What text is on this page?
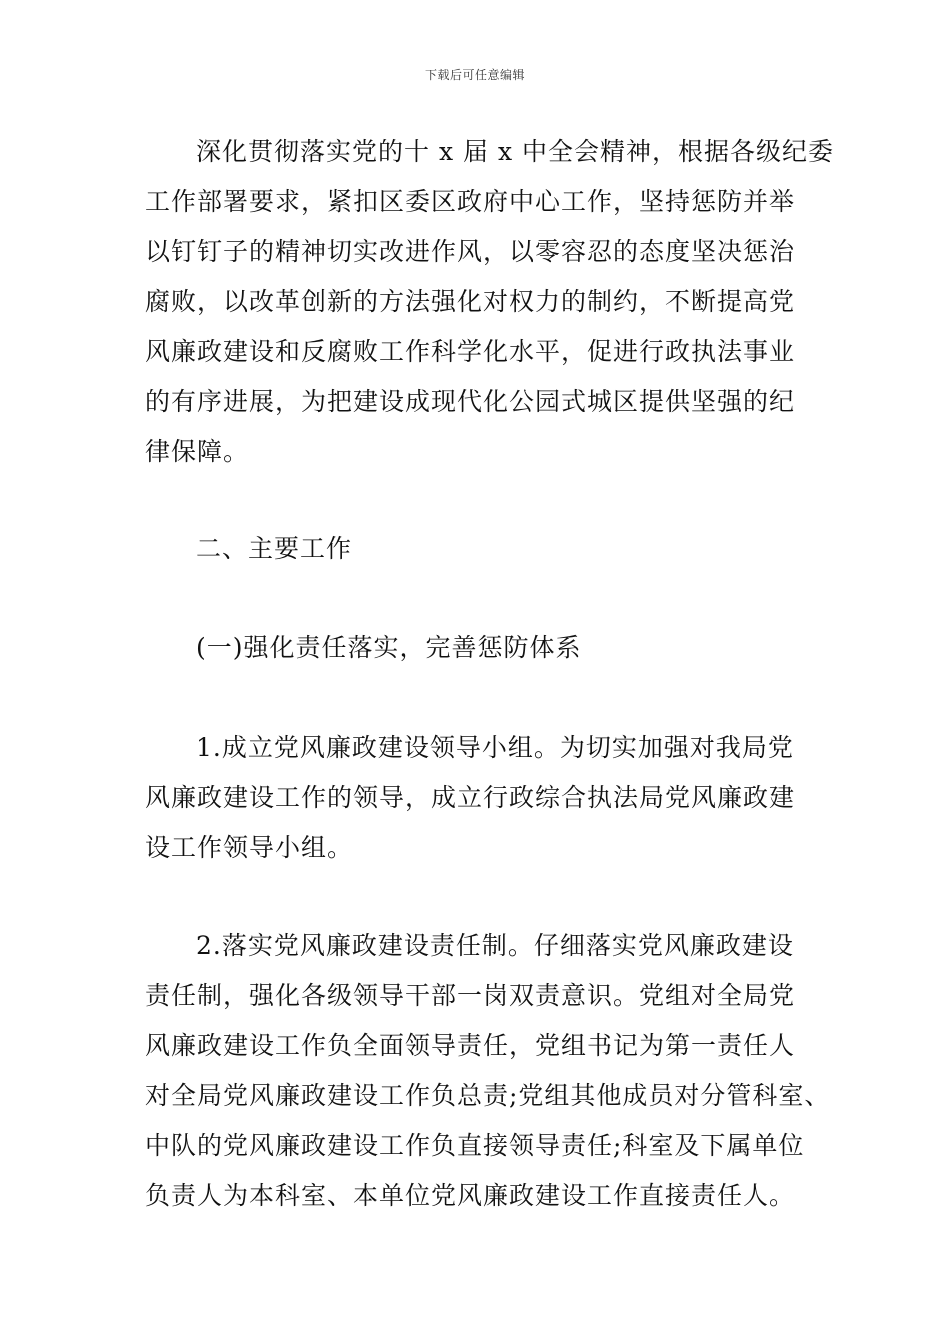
下载后可任意编辑
深化贯彻落实党的十 x 届 x 中全会精神，根据各级纪委
工作部署要求，紧扣区委区政府中心工作，坚持惩防并举
以钉钉子的精神切实改进作风，以零容忍的态度坚决惩治
腐败，以改革创新的方法强化对权力的制约，不断提高党
风廉政建设和反腐败工作科学化水平，促进行政执法事业
的有序进展，为把建设成现代化公园式城区提供坚强的纪
律保障。
二、主要工作
(一)强化责任落实，完善惩防体系
1.成立党风廉政建设领导小组。为切实加强对我局党
风廉政建设工作的领导，成立行政综合执法局党风廉政建
设工作领导小组。
2.落实党风廉政建设责任制。仔细落实党风廉政建设
责任制，强化各级领导干部一岗双责意识。党组对全局党
风廉政建设工作负全面领导责任，党组书记为第一责任人
对全局党风廉政建设工作负总责;党组其他成员对分管科室、
中队的党风廉政建设工作负直接领导责任;科室及下属单位
负责人为本科室、本单位党风廉政建设工作直接责任人。
